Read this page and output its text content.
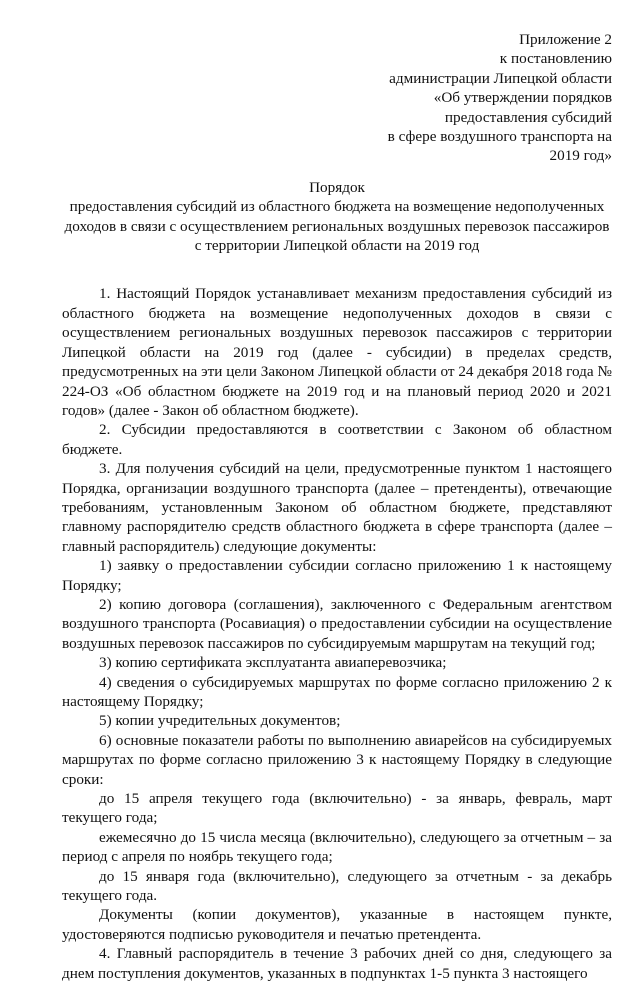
Приложение 2
к постановлению
администрации Липецкой области
«Об утверждении порядков
предоставления субсидий
в сфере воздушного транспорта на
2019 год»
Порядок
предоставления субсидий из областного бюджета на возмещение недополученных
доходов в связи с осуществлением региональных воздушных перевозок пассажиров
с территории Липецкой области на 2019 год

1. Настоящий Порядок устанавливает механизм предоставления субсидий из областного бюджета на возмещение недополученных доходов в связи с осуществлением региональных воздушных перевозок пассажиров с территории Липецкой области на 2019 год (далее - субсидии) в пределах средств, предусмотренных на эти цели Законом Липецкой области от 24 декабря 2018 года № 224-ОЗ «Об областном бюджете на 2019 год и на плановый период 2020 и 2021 годов» (далее - Закон об областном бюджете).

2. Субсидии предоставляются в соответствии с Законом об областном бюджете.

3. Для получения субсидий на цели, предусмотренные пунктом 1 настоящего Порядка, организации воздушного транспорта (далее – претенденты), отвечающие требованиям, установленным Законом об областном бюджете, представляют главному распорядителю средств областного бюджета в сфере транспорта (далее – главный распорядитель) следующие документы:

1) заявку о предоставлении субсидии согласно приложению 1 к настоящему Порядку;

2) копию договора (соглашения), заключенного с Федеральным агентством воздушного транспорта (Росавиация) о предоставлении субсидии на осуществление воздушных перевозок пассажиров по субсидируемым маршрутам на текущий год;

3) копию сертификата эксплуатанта авиаперевозчика;

4) сведения о субсидируемых маршрутах по форме согласно приложению 2 к настоящему Порядку;

5) копии учредительных документов;

6) основные показатели работы по выполнению авиарейсов на субсидируемых маршрутах по форме согласно приложению 3 к настоящему Порядку в следующие сроки:

до 15 апреля текущего года (включительно) - за январь, февраль, март текущего года;

ежемесячно до 15 числа месяца (включительно), следующего за отчетным – за период с апреля по ноябрь текущего года;

до 15 января года (включительно), следующего за отчетным - за декабрь текущего года.

Документы (копии документов), указанные в настоящем пункте, удостоверяются подписью руководителя и печатью претендента.

4. Главный распорядитель в течение 3 рабочих дней со дня, следующего за днем поступления документов, указанных в подпунктах 1-5 пункта 3 настоящего
